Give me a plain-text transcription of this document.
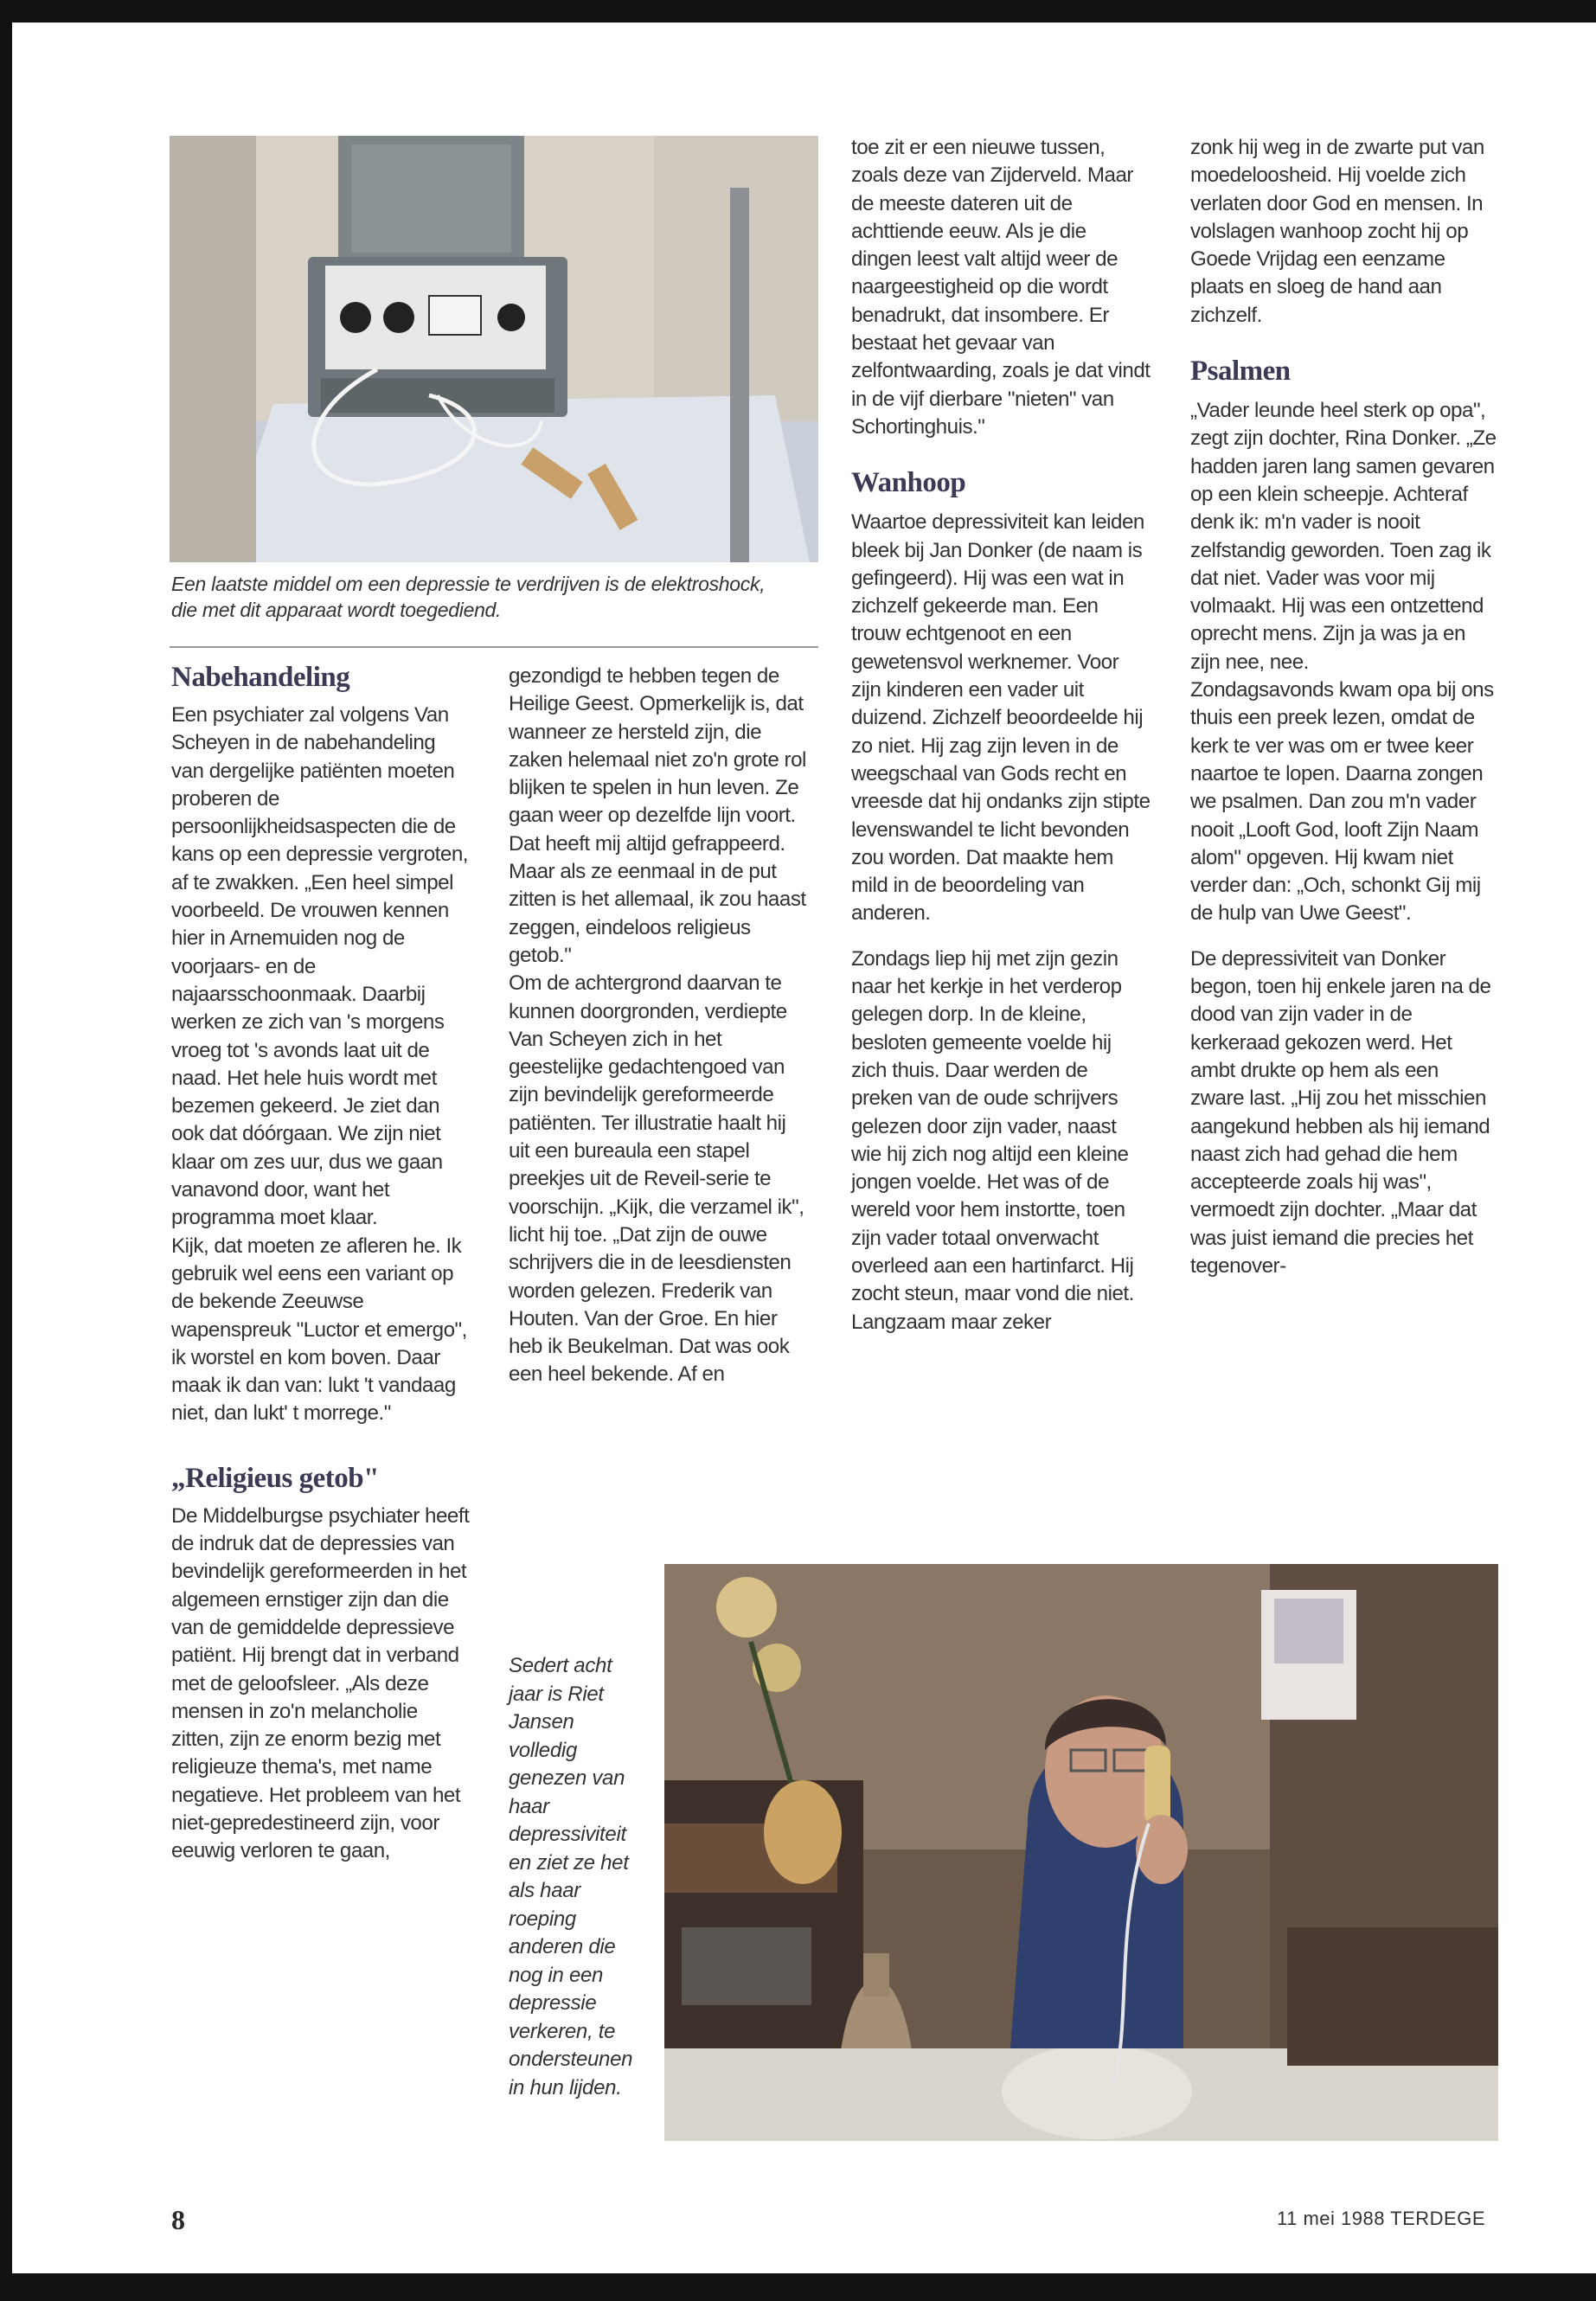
Een laatste middel om een depressie te verdrijven is de elektroshock, die met dit apparaat wordt toegediend.

Nabehandeling

Een psychiater zal volgens Van Scheyen in de nabehandeling van dergelijke patiënten moeten proberen de persoonlijkheidsaspecten die de kans op een depressie vergroten, af te zwakken. „Een heel simpel voorbeeld. De vrouwen kennen hier in Arnemuiden nog de voorjaars- en de najaarsschoonmaak. Daarbij werken ze zich van 's morgens vroeg tot 's avonds laat uit de naad. Het hele huis wordt met bezemen gekeerd. Je ziet dan ook dat dóórgaan. We zijn niet klaar om zes uur, dus we gaan vanavond door, want het programma moet klaar.

Kijk, dat moeten ze afleren he. Ik gebruik wel eens een variant op de bekende Zeeuwse wapenspreuk "Luctor et emergo", ik worstel en kom boven. Daar maak ik dan van: lukt 't vandaag niet, dan lukt' t morrege."

„Religieus getob"

De Middelburgse psychiater heeft de indruk dat de depressies van bevindelijk gereformeerden in het algemeen ernstiger zijn dan die van de gemiddelde depressieve patiënt. Hij brengt dat in verband met de geloofsleer. „Als deze mensen in zo'n melancholie zitten, zijn ze enorm bezig met religieuze thema's, met name negatieve. Het probleem van het niet-gepredestineerd zijn, voor eeuwig verloren te gaan,

gezondigd te hebben tegen de Heilige Geest. Opmerkelijk is, dat wanneer ze hersteld zijn, die zaken helemaal niet zo'n grote rol blijken te spelen in hun leven. Ze gaan weer op dezelfde lijn voort. Dat heeft mij altijd gefrappeerd. Maar als ze eenmaal in de put zitten is het allemaal, ik zou haast zeggen, eindeloos religieus getob."

Om de achtergrond daarvan te kunnen doorgronden, verdiepte Van Scheyen zich in het geestelijke gedachtengoed van zijn bevindelijk gereformeerde patiënten. Ter illustratie haalt hij uit een bureaula een stapel preekjes uit de Reveil-serie te voorschijn. „Kijk, die verzamel ik", licht hij toe. „Dat zijn de ouwe schrijvers die in de leesdiensten worden gelezen. Frederik van Houten. Van der Groe. En hier heb ik Beukelman. Dat was ook een heel bekende. Af en

toe zit er een nieuwe tussen, zoals deze van Zijderveld. Maar de meeste dateren uit de achttiende eeuw. Als je die dingen leest valt altijd weer de naargeestigheid op die wordt benadrukt, dat insombere. Er bestaat het gevaar van zelfontwaarding, zoals je dat vindt in de vijf dierbare "nieten" van Schortinghuis."

Wanhoop

Waartoe depressiviteit kan leiden bleek bij Jan Donker (de naam is gefingeerd). Hij was een wat in zichzelf gekeerde man. Een trouw echtgenoot en een gewetensvol werknemer. Voor zijn kinderen een vader uit duizend. Zichzelf beoordeelde hij zo niet. Hij zag zijn leven in de weegschaal van Gods recht en vreesde dat hij ondanks zijn stipte levenswandel te licht bevonden zou worden. Dat maakte hem mild in de beoordeling van anderen.

Zondags liep hij met zijn gezin naar het kerkje in het verderop gelegen dorp. In de kleine, besloten gemeente voelde hij zich thuis. Daar werden de preken van de oude schrijvers gelezen door zijn vader, naast wie hij zich nog altijd een kleine jongen voelde. Het was of de wereld voor hem instortte, toen zijn vader totaal onverwacht overleed aan een hartinfarct. Hij zocht steun, maar vond die niet. Langzaam maar zeker

zonk hij weg in de zwarte put van moedeloosheid. Hij voelde zich verlaten door God en mensen. In volslagen wanhoop zocht hij op Goede Vrijdag een eenzame plaats en sloeg de hand aan zichzelf.

Psalmen

„Vader leunde heel sterk op opa", zegt zijn dochter, Rina Donker. „Ze hadden jaren lang samen gevaren op een klein scheepje. Achteraf denk ik: m'n vader is nooit zelfstandig geworden. Toen zag ik dat niet. Vader was voor mij volmaakt. Hij was een ontzettend oprecht mens. Zijn ja was ja en zijn nee, nee.

Zondagsavonds kwam opa bij ons thuis een preek lezen, omdat de kerk te ver was om er twee keer naartoe te lopen. Daarna zongen we psalmen. Dan zou m'n vader nooit „Looft God, looft Zijn Naam alom" opgeven. Hij kwam niet verder dan: „Och, schonkt Gij mij de hulp van Uwe Geest".

De depressiviteit van Donker begon, toen hij enkele jaren na de dood van zijn vader in de kerkeraad gekozen werd. Het ambt drukte op hem als een zware last. „Hij zou het misschien aangekund hebben als hij iemand naast zich had gehad die hem accepteerde zoals hij was", vermoedt zijn dochter. „Maar dat was juist iemand die precies het tegenover-

Sedert acht jaar is Riet Jansen volledig genezen van haar depressiviteit en ziet ze het als haar roeping anderen die nog in een depressie verkeren, te ondersteunen in hun lijden.
8	11 mei 1988 TERDEGE
